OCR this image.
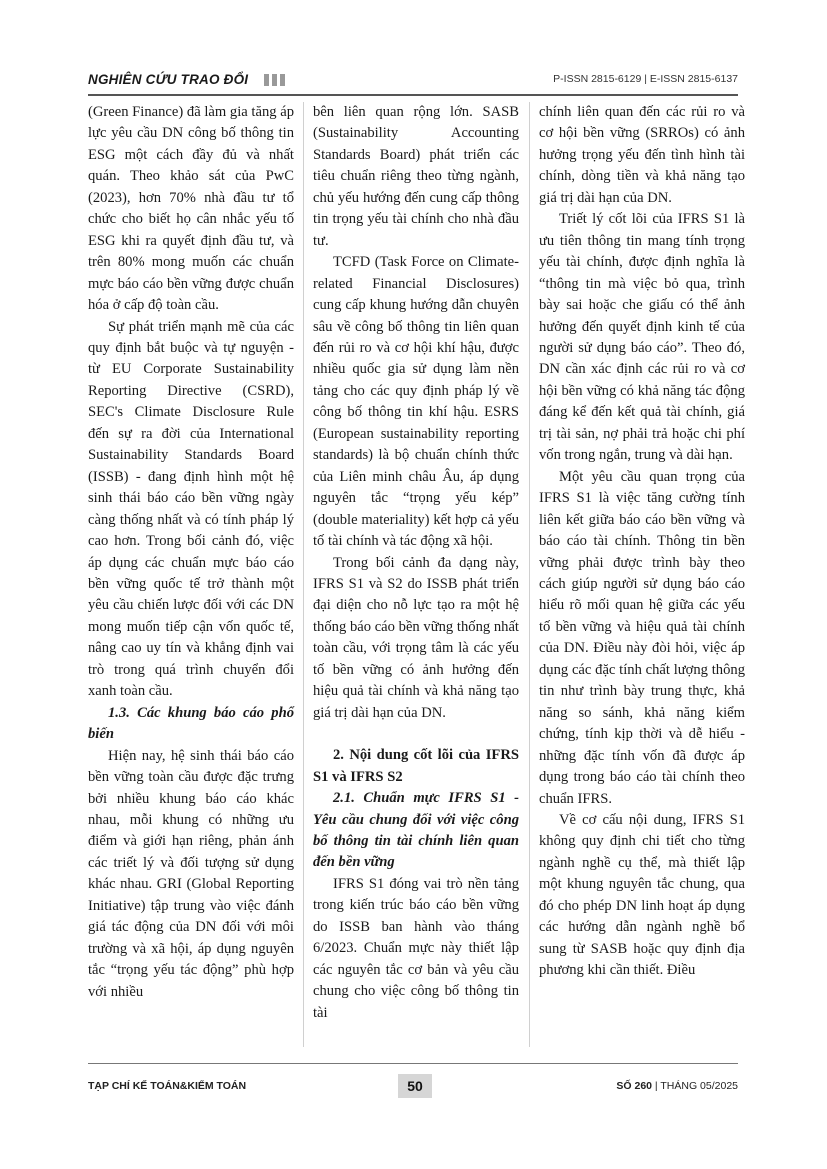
NGHIÊN CỨU TRAO ĐỔI	P-ISSN 2815-6129 | E-ISSN 2815-6137

(Green Finance) đã làm gia tăng áp lực yêu cầu DN công bố thông tin ESG một cách đầy đủ và nhất quán. Theo khảo sát của PwC (2023), hơn 70% nhà đầu tư tổ chức cho biết họ cân nhắc yếu tố ESG khi ra quyết định đầu tư, và trên 80% mong muốn các chuẩn mực báo cáo bền vững được chuẩn hóa ở cấp độ toàn cầu.

Sự phát triển mạnh mẽ của các quy định bắt buộc và tự nguyện - từ EU Corporate Sustainability Reporting Directive (CSRD), SEC's Climate Disclosure Rule đến sự ra đời của International Sustainability Standards Board (ISSB) - đang định hình một hệ sinh thái báo cáo bền vững ngày càng thống nhất và có tính pháp lý cao hơn. Trong bối cảnh đó, việc áp dụng các chuẩn mực báo cáo bền vững quốc tế trở thành một yêu cầu chiến lược đối với các DN mong muốn tiếp cận vốn quốc tế, nâng cao uy tín và khẳng định vai trò trong quá trình chuyển đổi xanh toàn cầu.

1.3. Các khung báo cáo phổ biến

Hiện nay, hệ sinh thái báo cáo bền vững toàn cầu được đặc trưng bởi nhiều khung báo cáo khác nhau, mỗi khung có những ưu điểm và giới hạn riêng, phản ánh các triết lý và đối tượng sử dụng khác nhau. GRI (Global Reporting Initiative) tập trung vào việc đánh giá tác động của DN đối với môi trường và xã hội, áp dụng nguyên tắc “trọng yếu tác động” phù hợp với nhiều

bên liên quan rộng lớn. SASB (Sustainability Accounting Standards Board) phát triển các tiêu chuẩn riêng theo từng ngành, chủ yếu hướng đến cung cấp thông tin trọng yếu tài chính cho nhà đầu tư.

TCFD (Task Force on Climate-related Financial Disclosures) cung cấp khung hướng dẫn chuyên sâu về công bố thông tin liên quan đến rủi ro và cơ hội khí hậu, được nhiều quốc gia sử dụng làm nền tảng cho các quy định pháp lý về công bố thông tin khí hậu. ESRS (European sustainability reporting standards) là bộ chuẩn chính thức của Liên minh châu Âu, áp dụng nguyên tắc “trọng yếu kép” (double materiality) kết hợp cả yếu tố tài chính và tác động xã hội.

Trong bối cảnh đa dạng này, IFRS S1 và S2 do ISSB phát triển đại diện cho nỗ lực tạo ra một hệ thống báo cáo bền vững thống nhất toàn cầu, với trọng tâm là các yếu tố bền vững có ảnh hưởng đến hiệu quả tài chính và khả năng tạo giá trị dài hạn của DN.

2. Nội dung cốt lõi của IFRS S1 và IFRS S2

2.1. Chuẩn mực IFRS S1 - Yêu cầu chung đối với việc công bố thông tin tài chính liên quan đến bền vững

IFRS S1 đóng vai trò nền tảng trong kiến trúc báo cáo bền vững do ISSB ban hành vào tháng 6/2023. Chuẩn mực này thiết lập các nguyên tắc cơ bản và yêu cầu chung cho việc công bố thông tin tài

chính liên quan đến các rủi ro và cơ hội bền vững (SRROs) có ảnh hưởng trọng yếu đến tình hình tài chính, dòng tiền và khả năng tạo giá trị dài hạn của DN.

Triết lý cốt lõi của IFRS S1 là ưu tiên thông tin mang tính trọng yếu tài chính, được định nghĩa là “thông tin mà việc bỏ qua, trình bày sai hoặc che giấu có thể ảnh hưởng đến quyết định kinh tế của người sử dụng báo cáo”. Theo đó, DN cần xác định các rủi ro và cơ hội bền vững có khả năng tác động đáng kể đến kết quả tài chính, giá trị tài sản, nợ phải trả hoặc chi phí vốn trong ngắn, trung và dài hạn.

Một yêu cầu quan trọng của IFRS S1 là việc tăng cường tính liên kết giữa báo cáo bền vững và báo cáo tài chính. Thông tin bền vững phải được trình bày theo cách giúp người sử dụng báo cáo hiểu rõ mối quan hệ giữa các yếu tố bền vững và hiệu quả tài chính của DN. Điều này đòi hỏi, việc áp dụng các đặc tính chất lượng thông tin như trình bày trung thực, khả năng so sánh, khả năng kiểm chứng, tính kịp thời và dễ hiểu - những đặc tính vốn đã được áp dụng trong báo cáo tài chính theo chuẩn IFRS.

Về cơ cấu nội dung, IFRS S1 không quy định chi tiết cho từng ngành nghề cụ thể, mà thiết lập một khung nguyên tắc chung, qua đó cho phép DN linh hoạt áp dụng các hướng dẫn ngành nghề bổ sung từ SASB hoặc quy định địa phương khi cần thiết. Điều

TẠP CHÍ KẾ TOÁN&KIỂM TOÁN	50	SỐ 260 | THÁNG 05/2025
